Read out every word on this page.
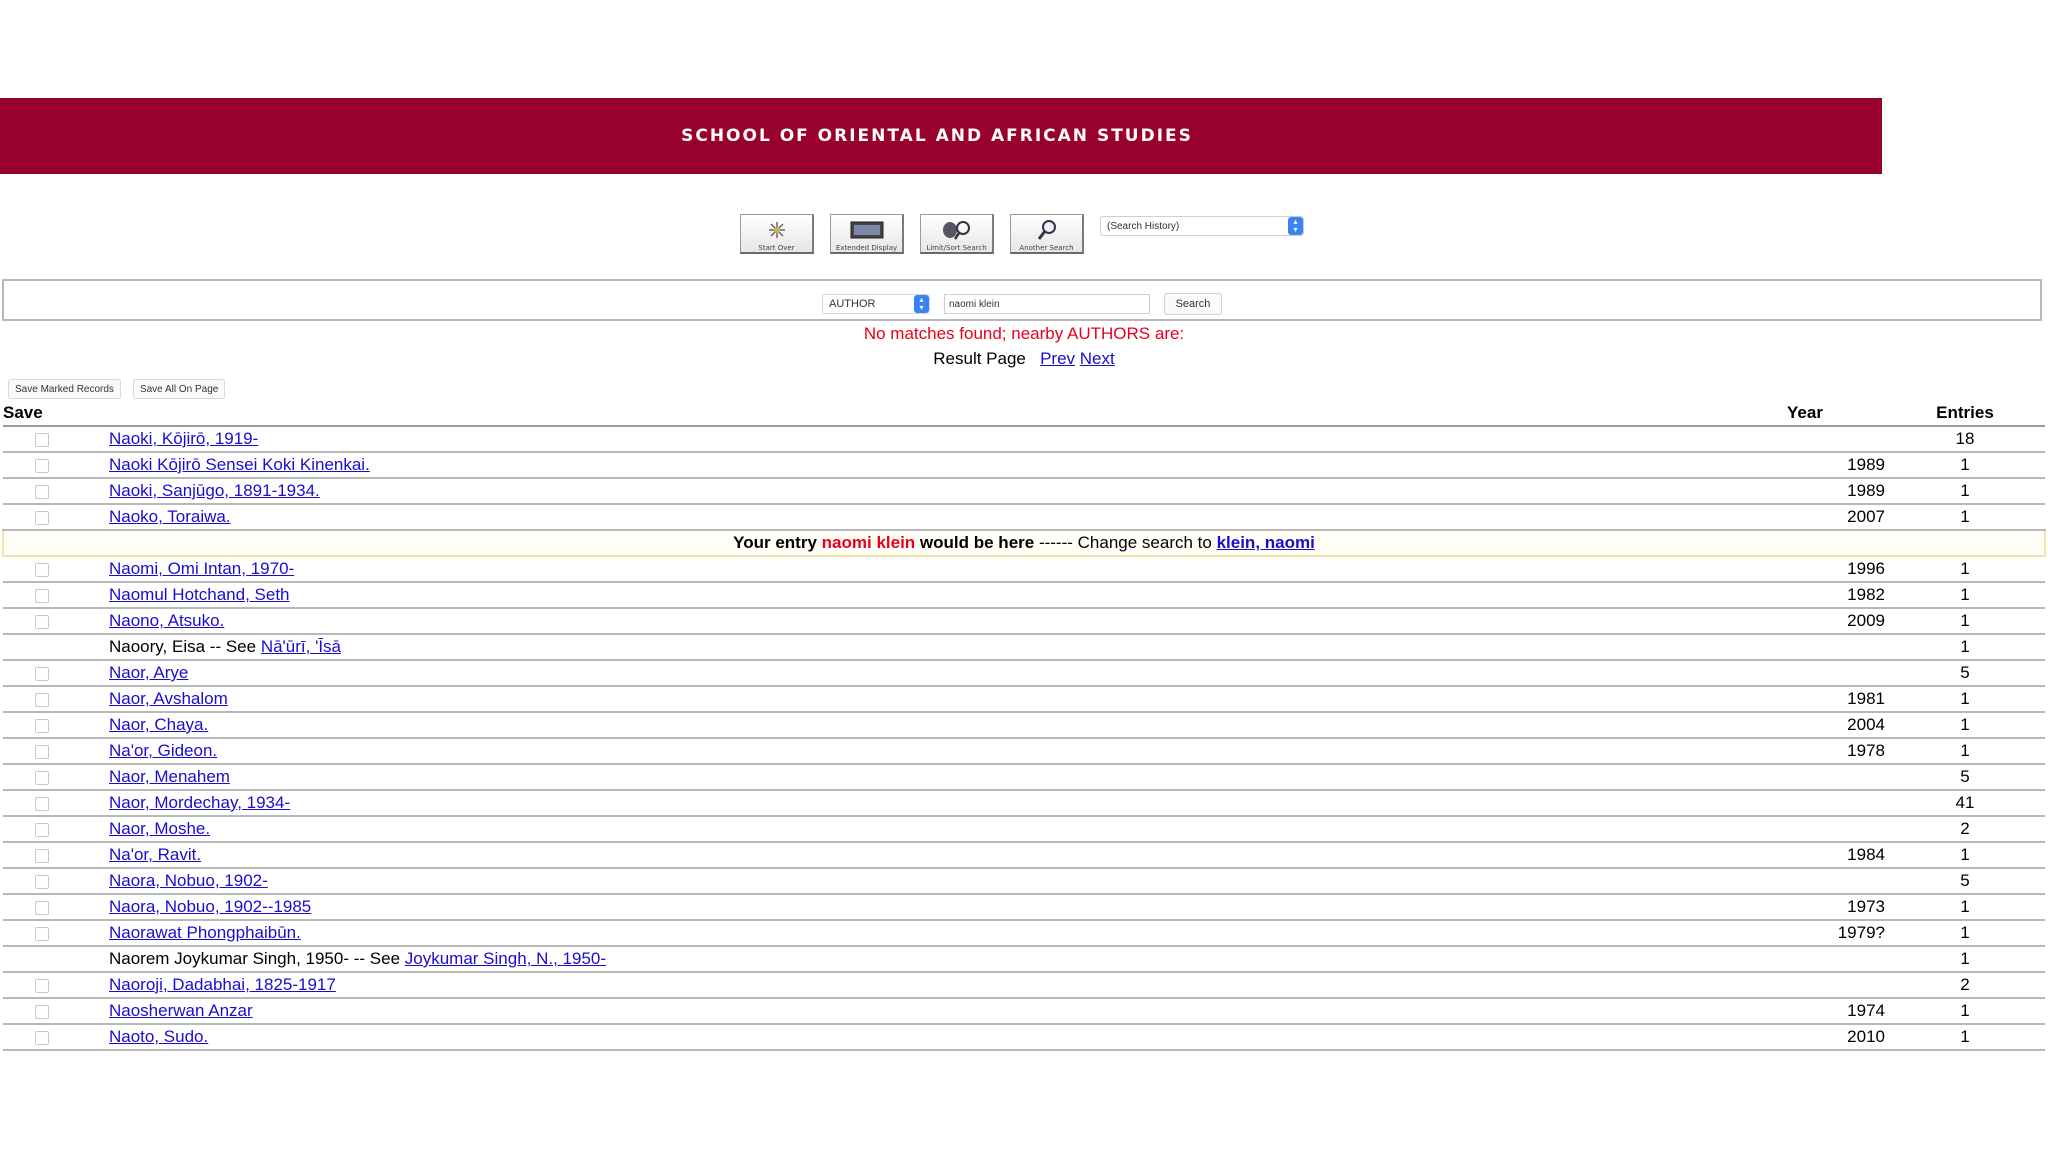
SCHOOL OF ORIENTAL AND AFRICAN STUDIES
Start Over	Extended Display	Limit/Sort Search	Another Search
(Search History)	▴
▾
AUTHOR	▴
▾
naomi klein	Search
No matches found; nearby AUTHORS are:
Result Page Prev Next
Save Marked Records	Save All On Page
Save		Year	Entries
	Naoki, Kōjirō, 1919-		18
	Naoki Kōjirō Sensei Koki Kinenkai.	1989	1
	Naoki, Sanjūgo, 1891-1934.	1989	1
	Naoko, Toraiwa.	2007	1
Your entry naomi klein would be here ------ Change search to klein, naomi			
	Naomi, Omi Intan, 1970-	1996	1
	Naomul Hotchand, Seth	1982	1
	Naono, Atsuko.	2009	1
	Naoory, Eisa -- See Nā'ūrī, 'Īsā		1
	Naor, Arye		5
	Naor, Avshalom	1981	1
	Naor, Chaya.	2004	1
	Na'or, Gideon.	1978	1
	Naor, Menahem		5
	Naor, Mordechay, 1934-		41
	Naor, Moshe.		2
	Na'or, Ravit.	1984	1
	Naora, Nobuo, 1902-		5
	Naora, Nobuo, 1902--1985	1973	1
	Naorawat Phongphaibūn.	1979?	1
	Naorem Joykumar Singh, 1950- -- See Joykumar Singh, N., 1950-		1
	Naoroji, Dadabhai, 1825-1917		2
	Naosherwan Anzar	1974	1
	Naoto, Sudo.	2010	1
